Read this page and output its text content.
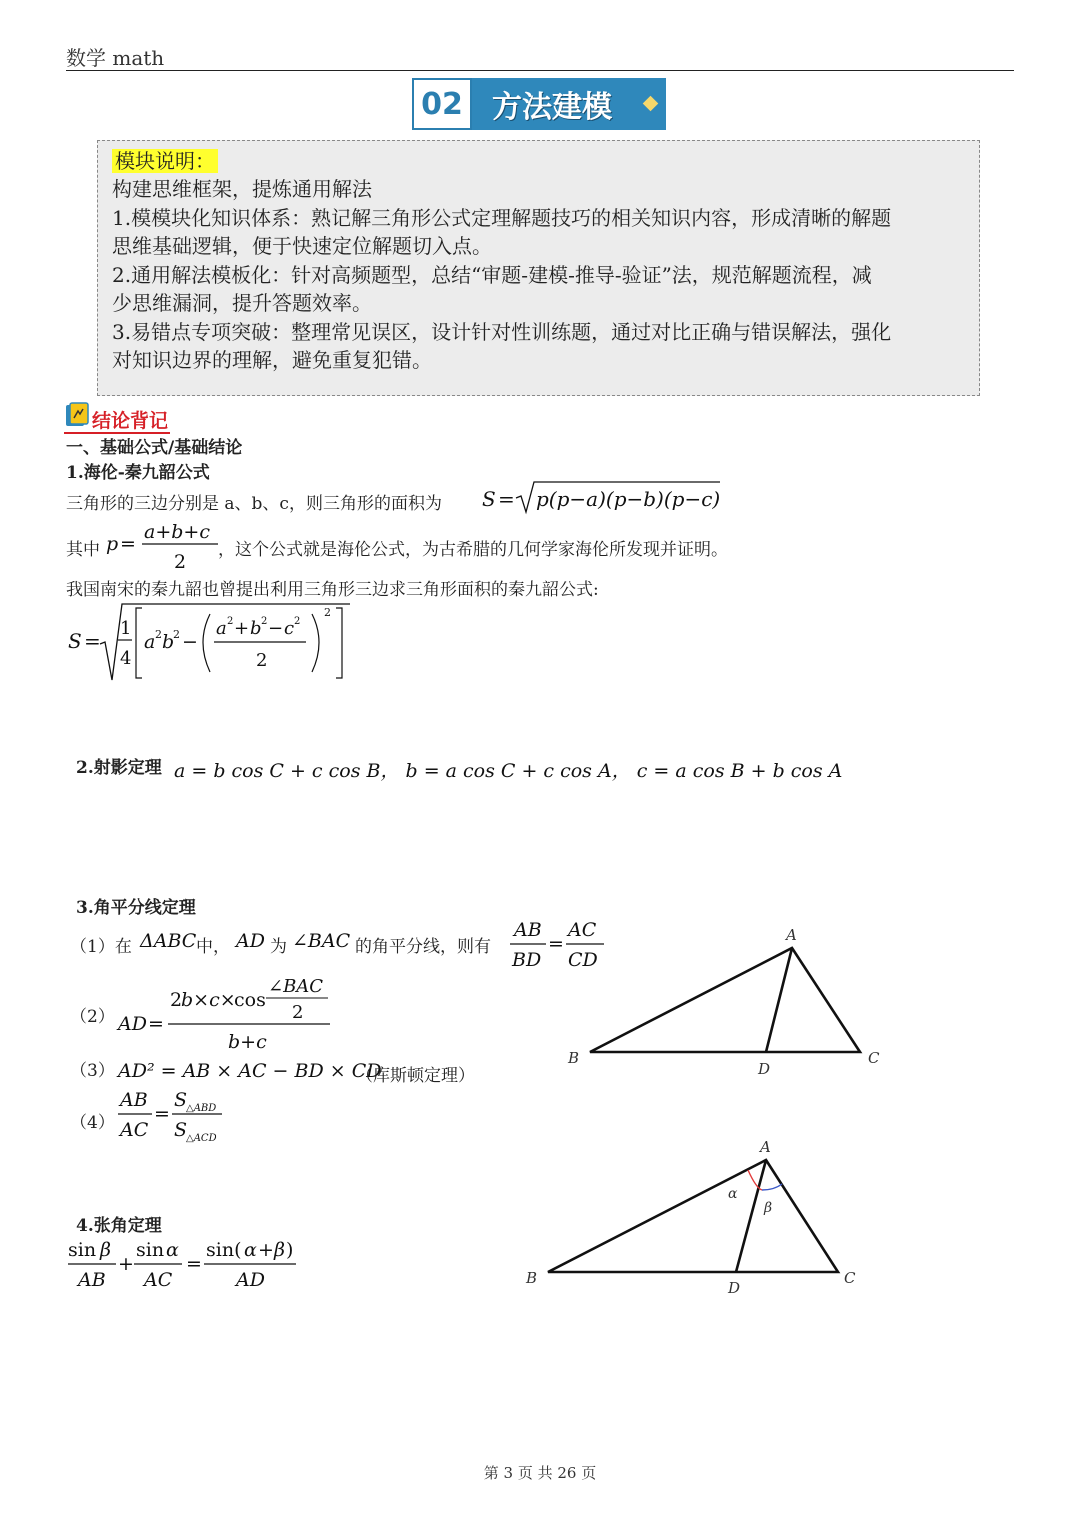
数学 math
02 方法建模
模块说明：
构建思维框架，提炼通用解法
1.模模块化知识体系：熟记解三角形公式定理解题技巧的相关知识内容，形成清晰的解题
思维基础逻辑，便于快速定位解题切入点。
2.通用解法模板化：针对高频题型，总结“审题-建模-推导-验证”法，规范解题流程，减
少思维漏洞，提升答题效率。
3.易错点专项突破：整理常见误区，设计针对性训练题，通过对比正确与错误解法，强化
对知识边界的理解，避免重复犯错。
结论背记
一、基础公式/基础结论
1.海伦-秦九韶公式
三角形的三边分别是 a、b、c，则三角形的面积为 S = p(p−a)(p−b)(p−c)
其中 p =
a+b+c
2
，这个公式就是海伦公式，为古希腊的几何学家海伦所发现并证明。
我国南宋的秦九韶也曾提出利用三角形三边求三角形面积的秦九韶公式:
S =
1
4
a 2 b
2 −
a 2 + b 2 − c 2
2
2
2.射影定理 a = b cos C + c cos B， b = a cos C + c cos A， c = a cos B + b cos A
3.角平分线定理
（1）在 ΔABC 中， AD 为 ∠BAC 的角平分线，则有
AB
BD
=
AC
CD
（2） AD =
2
b×c×
cos
∠BAC
2
b+c
（3） AD² = AB × AC − BD × CD
（库斯顿定理）
（4）
AB
AC
=
S
△ABD
S
△ACD
A
B	C
D
4.张角定理
sin β
AB
+
sin α
AC
=
sin( α + β )
AD
A
B	C
D
α
β
第 3 页 共 26 页
